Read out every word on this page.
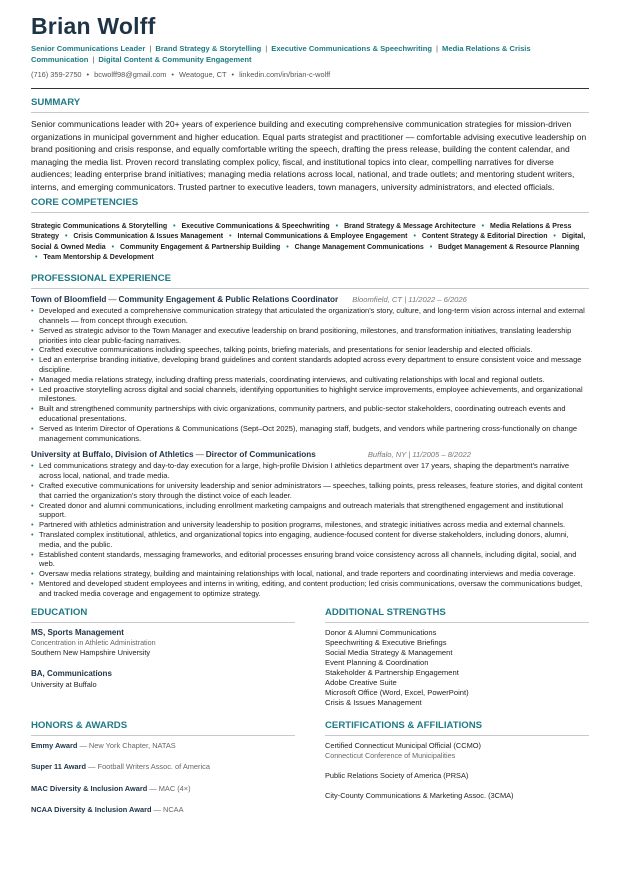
Brian Wolff
Senior Communications Leader | Brand Strategy & Storytelling | Executive Communications & Speechwriting | Media Relations & Crisis Communication | Digital Content & Community Engagement
(716) 359-2750 • bcwolff98@gmail.com • Weatogue, CT • linkedin.com/in/brian-c-wolff
SUMMARY
Senior communications leader with 20+ years of experience building and executing comprehensive communication strategies for mission-driven organizations in municipal government and higher education. Equal parts strategist and practitioner — comfortable advising executive leadership on brand positioning and crisis response, and equally comfortable writing the speech, drafting the press release, building the content calendar, and managing the media list. Proven record translating complex policy, fiscal, and institutional topics into clear, compelling narratives for diverse audiences; leading enterprise brand initiatives; managing media relations across local, national, and trade outlets; and mentoring student writers, interns, and emerging communicators. Trusted partner to executive leaders, town managers, university administrators, and elected officials.
CORE COMPETENCIES
Strategic Communications & Storytelling • Executive Communications & Speechwriting • Brand Strategy & Message Architecture • Media Relations & Press Strategy • Crisis Communication & Issues Management • Internal Communications & Employee Engagement • Content Strategy & Editorial Direction • Digital, Social & Owned Media • Community Engagement & Partnership Building • Change Management Communications • Budget Management & Resource Planning • Team Mentorship & Development
PROFESSIONAL EXPERIENCE
Town of Bloomfield — Community Engagement & Public Relations Coordinator Bloomfield, CT | 11/2022 – 6/2026
• Developed and executed a comprehensive communication strategy that articulated the organization's story, culture, and long-term vision across internal and external channels — from concept through execution.
• Served as strategic advisor to the Town Manager and executive leadership on brand positioning, milestones, and transformation initiatives, translating leadership priorities into clear public-facing narratives.
• Crafted executive communications including speeches, talking points, briefing materials, and presentations for senior leadership and elected officials.
• Led an enterprise branding initiative, developing brand guidelines and content standards adopted across every department to ensure consistent voice and message discipline.
• Managed media relations strategy, including drafting press materials, coordinating interviews, and cultivating relationships with local and regional outlets.
• Led proactive storytelling across digital and social channels, identifying opportunities to highlight service improvements, employee achievements, and organizational milestones.
• Built and strengthened community partnerships with civic organizations, community partners, and public-sector stakeholders, coordinating outreach events and educational presentations.
• Served as Interim Director of Operations & Communications (Sept–Oct 2025), managing staff, budgets, and vendors while partnering cross-functionally on change management communications.
University at Buffalo, Division of Athletics — Director of Communications	Buffalo, NY | 11/2005 – 8/2022
• Led communications strategy and day-to-day execution for a large, high-profile Division I athletics department over 17 years, shaping the department's narrative across local, national, and trade media.
• Crafted executive communications for university leadership and senior administrators — speeches, talking points, press releases, feature stories, and digital content that carried the organization's story through the distinct voice of each leader.
• Created donor and alumni communications, including enrollment marketing campaigns and outreach materials that strengthened engagement and institutional support.
• Partnered with athletics administration and university leadership to position programs, milestones, and strategic initiatives across media and external channels.
• Translated complex institutional, athletics, and organizational topics into engaging, audience-focused content for diverse stakeholders, including donors, alumni, media, and the public.
• Established content standards, messaging frameworks, and editorial processes ensuring brand voice consistency across all channels, including digital, social, and web.
• Oversaw media relations strategy, building and maintaining relationships with local, national, and trade reporters and coordinating interviews and media coverage.
• Mentored and developed student employees and interns in writing, editing, and content production; led crisis communications, oversaw the communications budget, and tracked media coverage and engagement to optimize strategy.
EDUCATION
MS, Sports Management
Concentration in Athletic Administration
Southern New Hampshire University
BA, Communications
University at Buffalo
ADDITIONAL STRENGTHS
Donor & Alumni Communications
Speechwriting & Executive Briefings
Social Media Strategy & Management
Event Planning & Coordination
Stakeholder & Partnership Engagement
Adobe Creative Suite
Microsoft Office (Word, Excel, PowerPoint)
Crisis & Issues Management
HONORS & AWARDS
Emmy Award — New York Chapter, NATAS
Super 11 Award — Football Writers Assoc. of America
MAC Diversity & Inclusion Award — MAC (4×)
NCAA Diversity & Inclusion Award — NCAA
CERTIFICATIONS & AFFILIATIONS
Certified Connecticut Municipal Official (CCMO)
Connecticut Conference of Municipalities
Public Relations Society of America (PRSA)
City-County Communications & Marketing Assoc. (3CMA)
